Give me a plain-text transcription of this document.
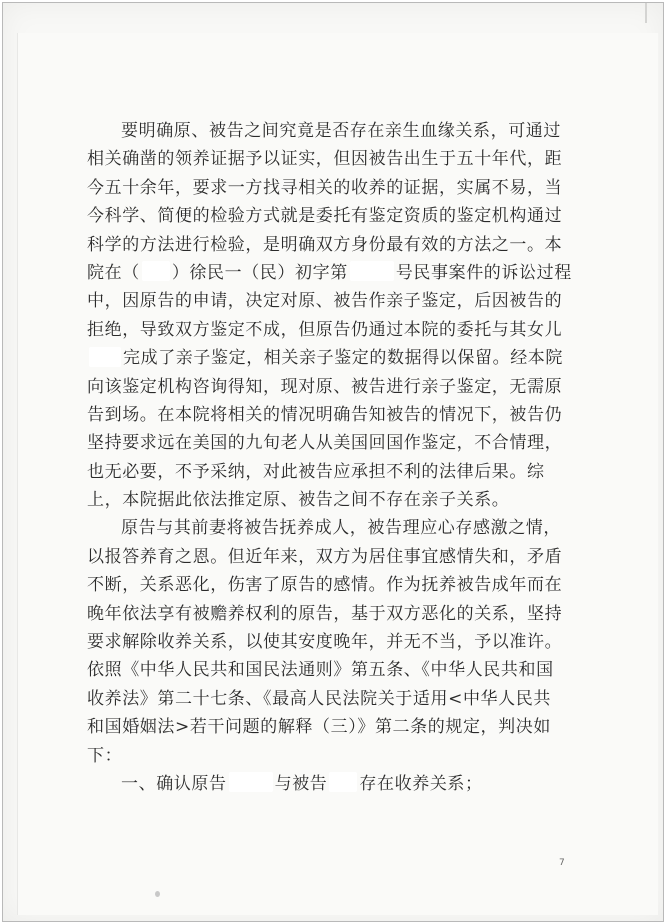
要明确原、被告之间究竟是否存在亲生血缘关系，可通过
相关确凿的领养证据予以证实，但因被告出生于五十年代，距
今五十余年，要求一方找寻相关的收养的证据，实属不易，当
今科学、简便的检验方式就是委托有鉴定资质的鉴定机构通过
科学的方法进行检验，是明确双方身份最有效的方法之一。本
院在（ ）徐民一（民）初字第	号民事案件的诉讼过程
中，因原告的申请，决定对原、被告作亲子鉴定，后因被告的
拒绝，导致双方鉴定不成，但原告仍通过本院的委托与其女儿
完成了亲子鉴定，相关亲子鉴定的数据得以保留。经本院
向该鉴定机构咨询得知，现对原、被告进行亲子鉴定，无需原
告到场。在本院将相关的情况明确告知被告的情况下，被告仍
坚持要求远在美国的九旬老人从美国回国作鉴定，不合情理，
也无必要，不予采纳，对此被告应承担不利的法律后果。综
上，本院据此依法推定原、被告之间不存在亲子关系。
原告与其前妻将被告抚养成人，被告理应心存感激之情，
以报答养育之恩。但近年来，双方为居住事宜感情失和，矛盾
不断，关系恶化，伤害了原告的感情。作为抚养被告成年而在
晚年依法享有被赡养权利的原告，基于双方恶化的关系，坚持
要求解除收养关系，以使其安度晚年，并无不当，予以准许。
依照《中华人民共和国民法通则》第五条、《中华人民共和国
收养法》第二十七条、《最高人民法院关于适用<中华人民共
和国婚姻法>若干问题的解释（三）》第二条的规定，判决如
下：
一、确认原告	与被告 存在收养关系；
7
